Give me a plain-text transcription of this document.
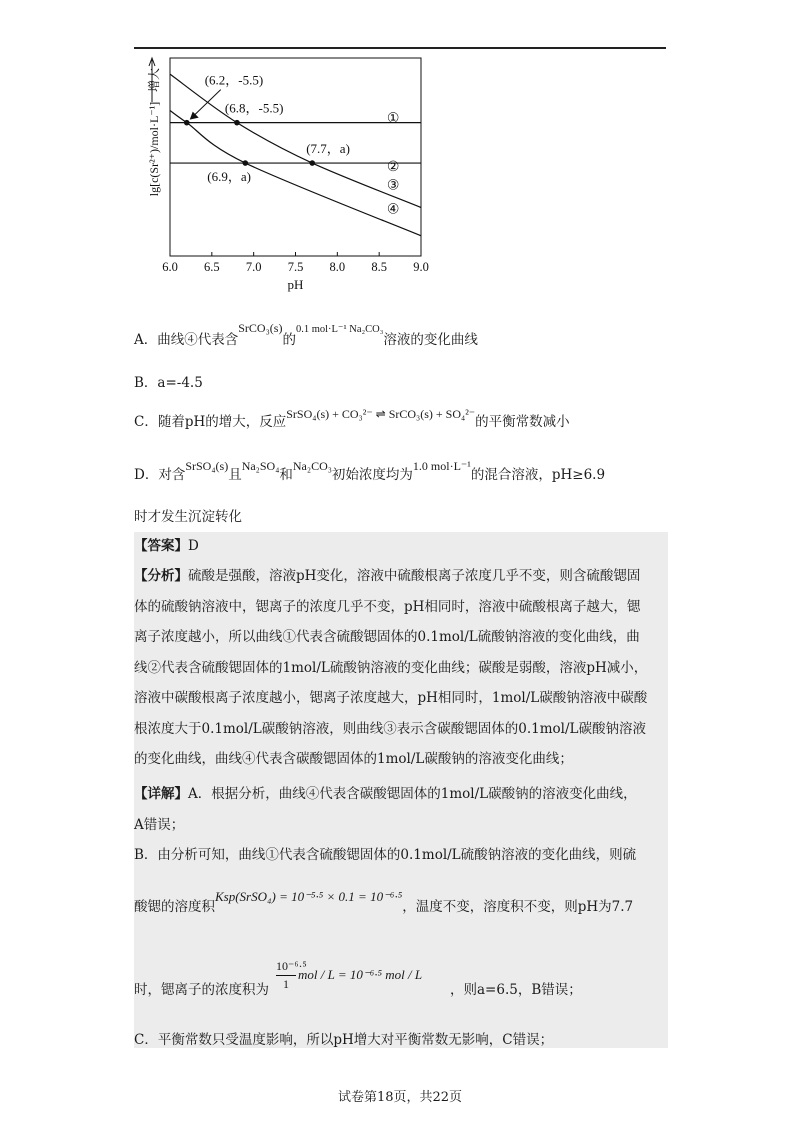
6.0 6.5 7.0 7.5 8.0 8.5 9.0
pH
lg[c(Sr²⁺)/mol·L⁻¹]
增大
①
②
③
④
(6.2，-5.5)
(6.8，-5.5)
(7.7，a)
(6.9，a)
A．曲线④代表含SrCO₃(s)的$^{0.1 mol\cdot L^{-1} Na_2CO_3}$溶液的变化曲线
B．a=-4.5
C．随着pH的增大，反应SrSO₄(s) + CO₃²⁻ ⇌ SrCO₃(s) + SO₄²⁻的平衡常数减小
D．对含SrSO₄(s)且Na₂SO₄和Na₂CO₃初始浓度均为1.0 mol·L⁻¹的混合溶液，pH≥6.9
时才发生沉淀转化
【答案】D

【分析】硫酸是强酸，溶液pH变化，溶液中硫酸根离子浓度几乎不变，则含硫酸锶固

体的硫酸钠溶液中，锶离子的浓度几乎不变，pH相同时，溶液中硫酸根离子越大，锶

离子浓度越小，所以曲线①代表含硫酸锶固体的0.1mol/L硫酸钠溶液的变化曲线，曲

线②代表含硫酸锶固体的1mol/L硫酸钠溶液的变化曲线；碳酸是弱酸，溶液pH减小，

溶液中碳酸根离子浓度越小，锶离子浓度越大，pH相同时，1mol/L碳酸钠溶液中碳酸

根浓度大于0.1mol/L碳酸钠溶液，则曲线③表示含碳酸锶固体的0.1mol/L碳酸钠溶液

的变化曲线，曲线④代表含碳酸锶固体的1mol/L碳酸钠的溶液变化曲线；

【详解】A．根据分析，曲线④代表含碳酸锶固体的1mol/L碳酸钠的溶液变化曲线，

A错误；

B．由分析可知，曲线①代表含硫酸锶固体的0.1mol/L硫酸钠溶液的变化曲线，则硫

酸锶的溶度积Ksp(SrSO₄) = 10⁻⁵·⁵ × 0.1 = 10⁻⁶·⁵，温度不变，溶度积不变，则pH为7.7
时，锶离子的浓度积为 $\frac{\text{10⁻⁶·⁵}}{1}$ mol / L = 10⁻⁶·⁵ mol / L
，则a=6.5，B错误；
C．平衡常数只受温度影响，所以pH增大对平衡常数无影响，C错误；
试卷第18页，共22页
